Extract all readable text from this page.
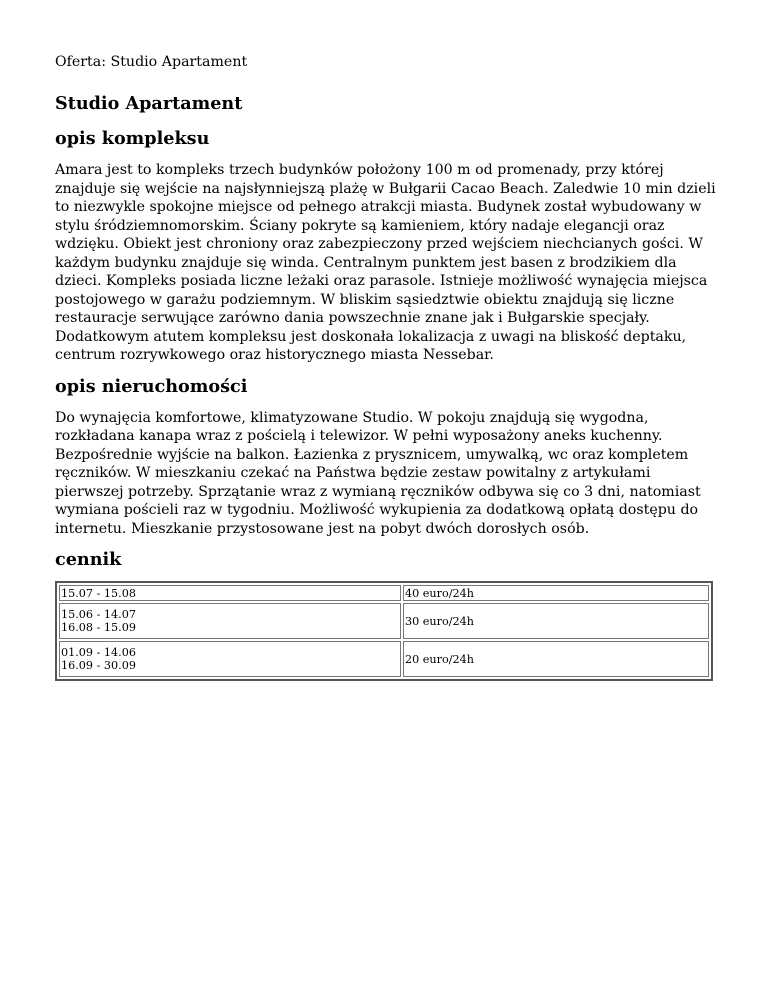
Oferta: Studio Apartament

Studio Apartament
opis kompleksu

Amara jest to kompleks trzech budynków położony 100 m od promenady, przy której znajduje się wejście na najsłynniejszą plażę w Bułgarii Cacao Beach. Zaledwie 10 min dzieli to niezwykle spokojne miejsce od pełnego atrakcji miasta. Budynek został wybudowany w stylu śródziemnomorskim. Ściany pokryte są kamieniem, który nadaje elegancji oraz wdzięku. Obiekt jest chroniony oraz zabezpieczony przed wejściem niechcianych gości. W każdym budynku znajduje się winda. Centralnym punktem jest basen z brodzikiem dla dzieci. Kompleks posiada liczne leżaki oraz parasole. Istnieje możliwość wynajęcia miejsca postojowego w garażu podziemnym. W bliskim sąsiedztwie obiektu znajdują się liczne restauracje serwujące zarówno dania powszechnie znane jak i Bułgarskie specjały. Dodatkowym atutem kompleksu jest doskonała lokalizacja z uwagi na bliskość deptaku, centrum rozrywkowego oraz historycznego miasta Nessebar.

opis nieruchomości

Do wynajęcia komfortowe, klimatyzowane Studio. W pokoju znajdują się wygodna, rozkładana kanapa wraz z pościelą i telewizor. W pełni wyposażony aneks kuchenny. Bezpośrednie wyjście na balkon. Łazienka z prysznicem, umywalką, wc oraz kompletem ręczników. W mieszkaniu czekać na Państwa będzie zestaw powitalny z artykułami pierwszej potrzeby. Sprzątanie wraz z wymianą ręczników odbywa się co 3 dni, natomiast wymiana pościeli raz w tygodniu. Możliwość wykupienia za dodatkową opłatą dostępu do internetu. Mieszkanie przystosowane jest na pobyt dwóch dorosłych osób.

cennik
15.07 - 15.08	40 euro/24h

15.06 - 14.07
16.08 - 15.09	30 euro/24h

01.09 - 14.06
16.09 - 30.09	20 euro/24h
